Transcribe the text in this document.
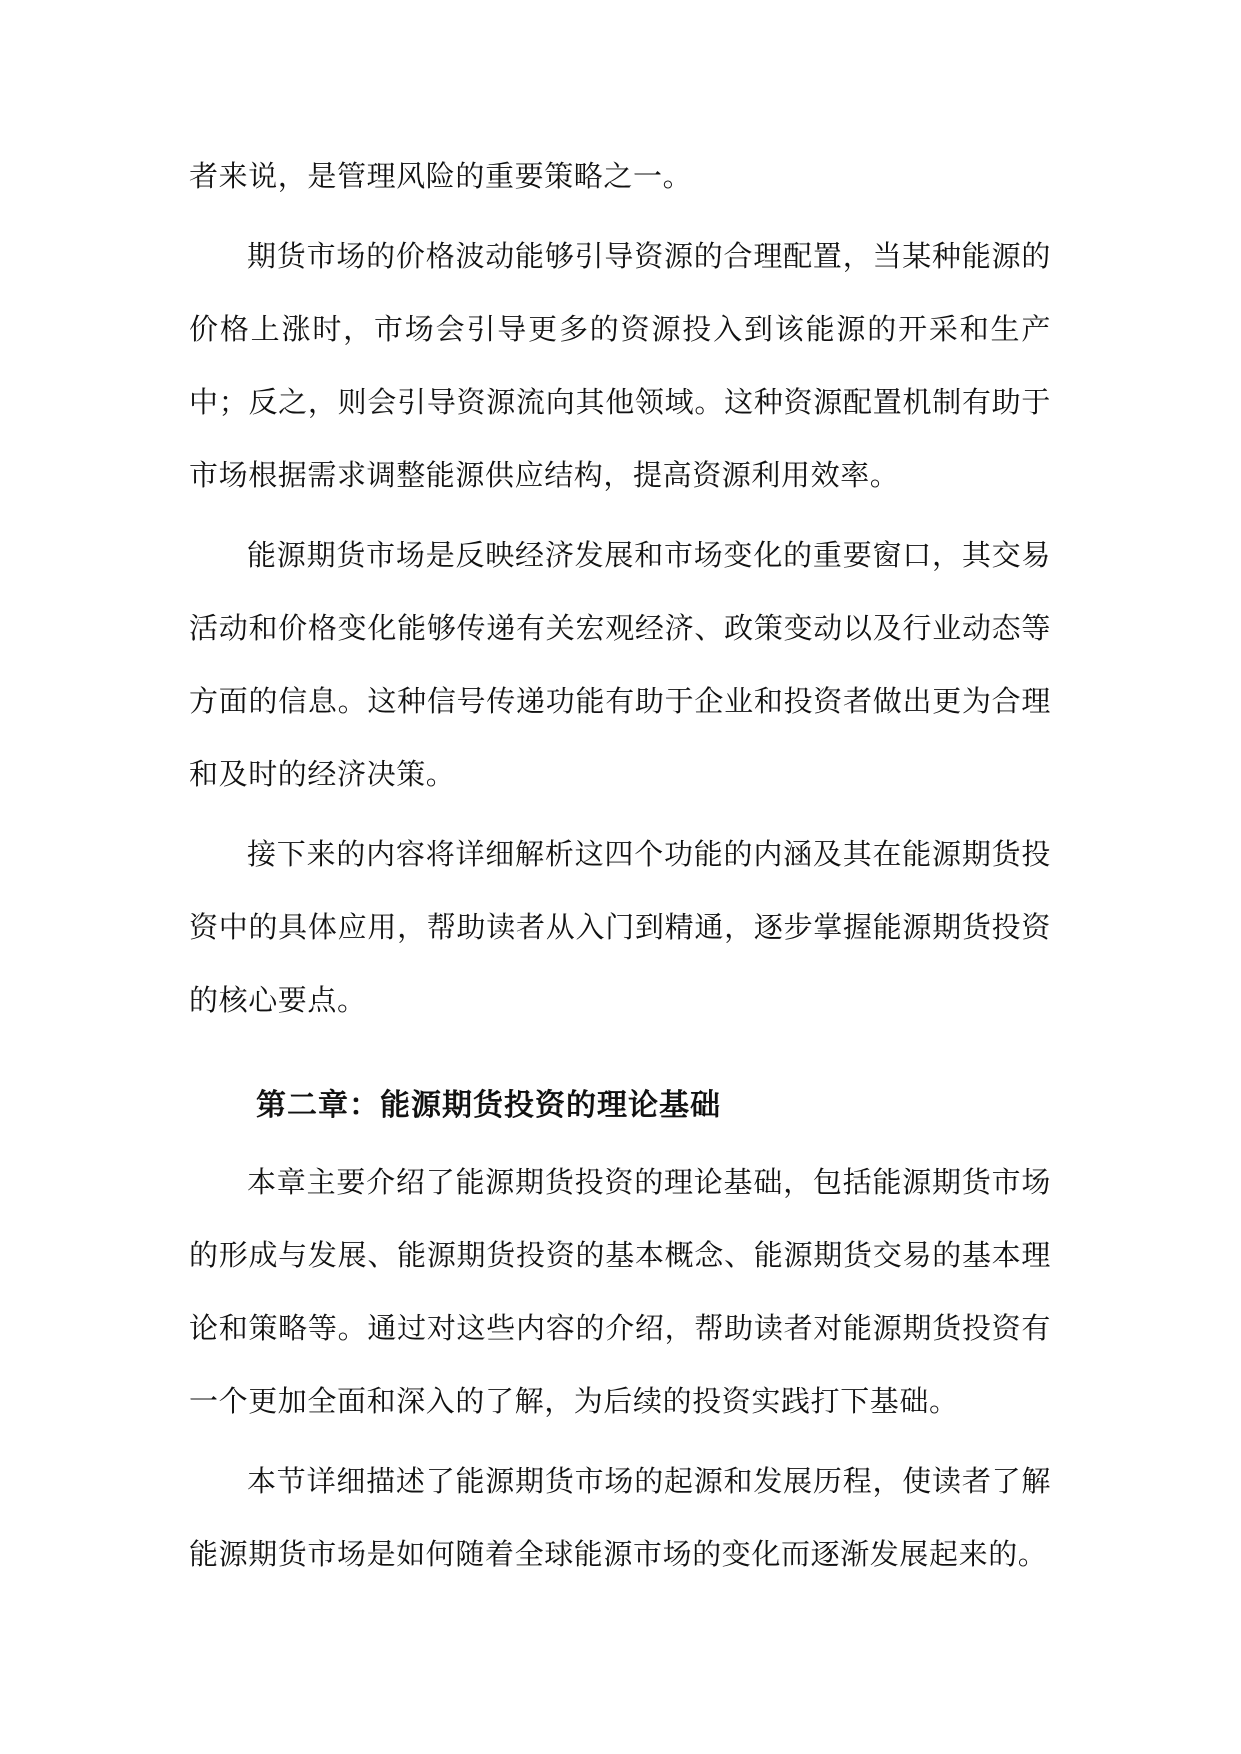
者来说，是管理风险的重要策略之一。

期货市场的价格波动能够引导资源的合理配置，当某种能源的价格上涨时，市场会引导更多的资源投入到该能源的开采和生产中；反之，则会引导资源流向其他领域。这种资源配置机制有助于市场根据需求调整能源供应结构，提高资源利用效率。

能源期货市场是反映经济发展和市场变化的重要窗口，其交易活动和价格变化能够传递有关宏观经济、政策变动以及行业动态等方面的信息。这种信号传递功能有助于企业和投资者做出更为合理和及时的经济决策。

接下来的内容将详细解析这四个功能的内涵及其在能源期货投资中的具体应用，帮助读者从入门到精通，逐步掌握能源期货投资的核心要点。

第二章：能源期货投资的理论基础

本章主要介绍了能源期货投资的理论基础，包括能源期货市场的形成与发展、能源期货投资的基本概念、能源期货交易的基本理论和策略等。通过对这些内容的介绍，帮助读者对能源期货投资有一个更加全面和深入的了解，为后续的投资实践打下基础。

本节详细描述了能源期货市场的起源和发展历程，使读者了解能源期货市场是如何随着全球能源市场的变化而逐渐发展起来的。
